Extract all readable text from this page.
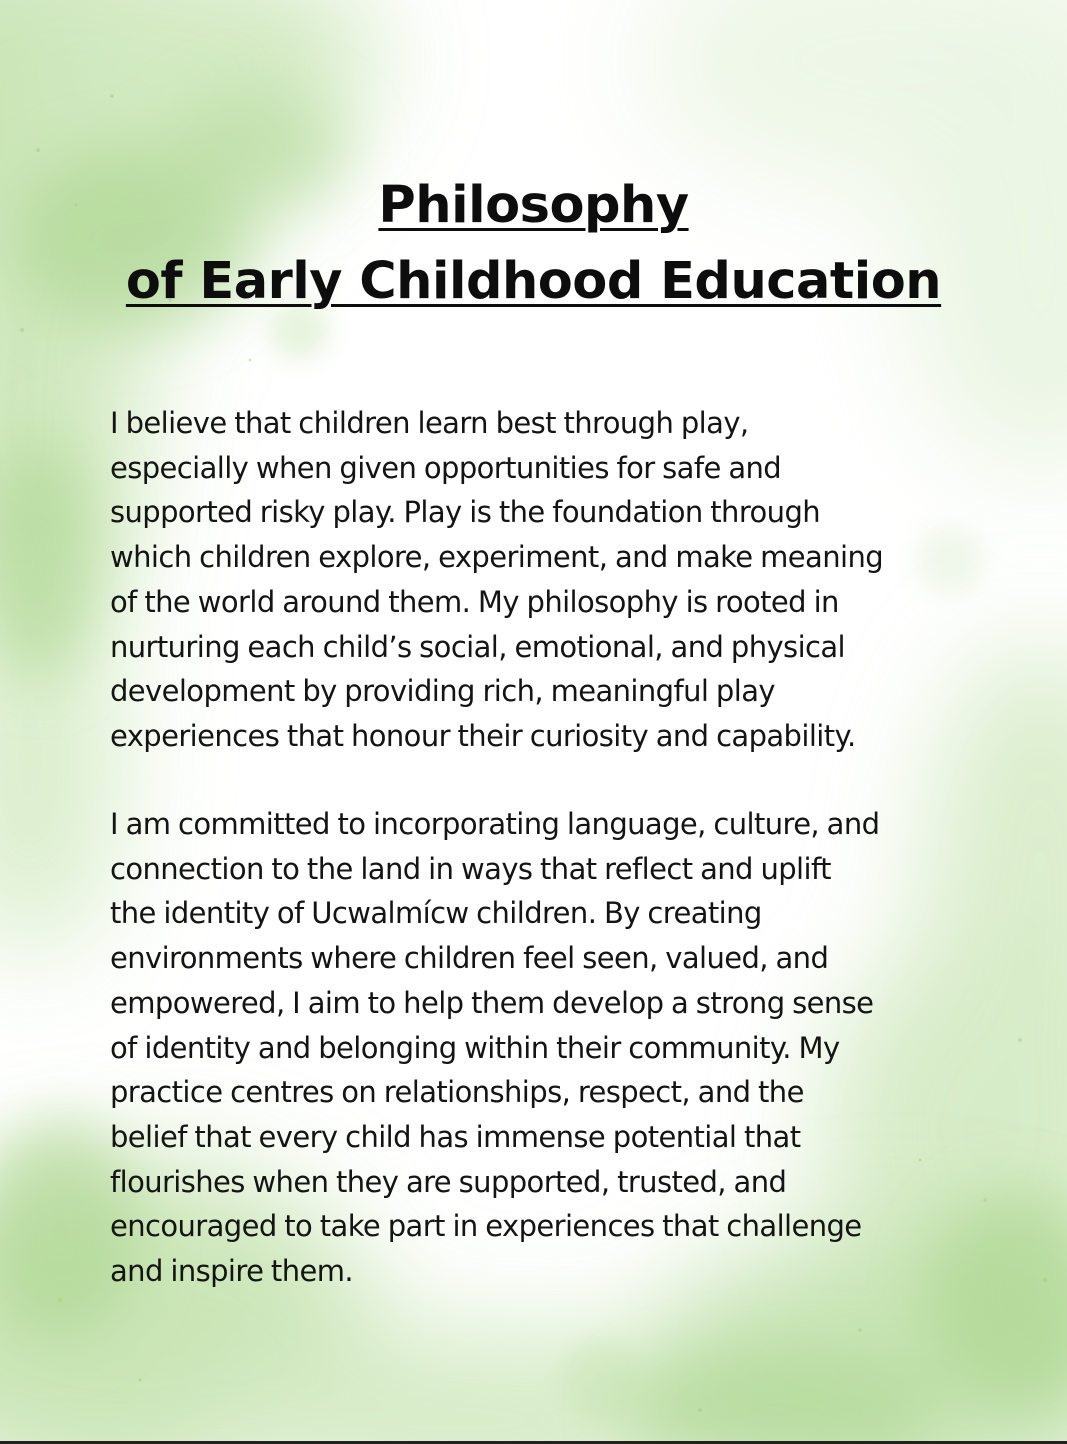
Philosophy
of Early Childhood Education

I believe that children learn best through play,
especially when given opportunities for safe and
supported risky play. Play is the foundation through
which children explore, experiment, and make meaning
of the world around them. My philosophy is rooted in
nurturing each child’s social, emotional, and physical
development by providing rich, meaningful play
experiences that honour their curiosity and capability.

I am committed to incorporating language, culture, and
connection to the land in ways that reflect and uplift
the identity of Ucwalmícw children. By creating
environments where children feel seen, valued, and
empowered, I aim to help them develop a strong sense
of identity and belonging within their community. My
practice centres on relationships, respect, and the
belief that every child has immense potential that
flourishes when they are supported, trusted, and
encouraged to take part in experiences that challenge
and inspire them.
